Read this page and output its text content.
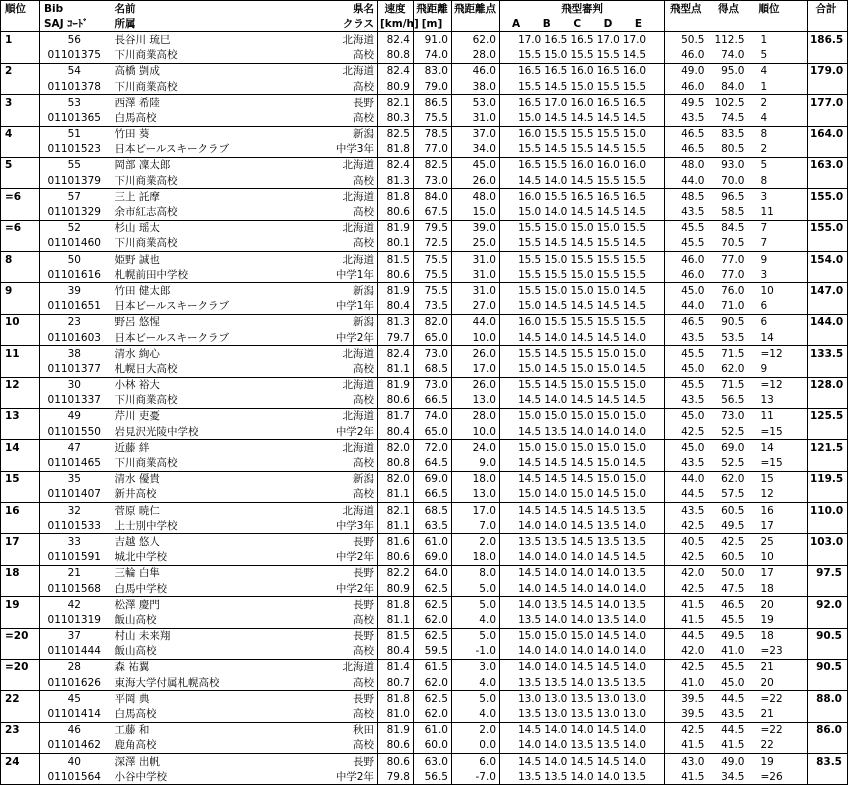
順位	Bib	名前	県名	速度	飛距離	飛距離点	飛型審判	飛型点	得点	順位	合計
	SAJ ｺｰﾄﾞ	所属	クラス	[km/h]	[m]		A B C D E				

1	56	長谷川 琉巳	北海道	82.4	91.0	62.0	17.0 16.5 16.5 17.0 17.0	50.5	112.5	1	186.5
	01101375	下川商業高校	高校	80.8	74.0	28.0	15.5 15.0 15.5 15.5 14.5	46.0	74.0	5	
2	54	高橋 剴成	北海道	82.4	83.0	46.0	16.5 16.5 16.0 16.5 16.0	49.0	95.0	4	179.0
	01101378	下川商業高校	高校	80.9	79.0	38.0	15.5 14.5 15.0 15.5 15.5	46.0	84.0	1	
3	53	西澤 希陸	長野	82.1	86.5	53.0	16.5 17.0 16.0 16.5 16.5	49.5	102.5	2	177.0
	01101365	白馬高校	高校	80.3	75.5	31.0	15.0 14.5 14.5 14.5 14.5	43.5	74.5	4	
4	51	竹田 葵	新潟	82.5	78.5	37.0	16.0 15.5 15.5 15.5 15.0	46.5	83.5	8	164.0
	01101523	日本ビールスキークラブ	中学3年	81.8	77.0	34.0	15.5 14.5 15.5 14.5 15.5	46.5	80.5	2	
5	55	岡部 凜太郎	北海道	82.4	82.5	45.0	16.5 15.5 16.0 16.0 16.0	48.0	93.0	5	163.0
	01101379	下川商業高校	高校	81.3	73.0	26.0	14.5 14.0 14.5 15.5 15.5	44.0	70.0	8	
=6	57	三上 託摩	北海道	81.8	84.0	48.0	16.0 15.5 16.5 16.5 16.5	48.5	96.5	3	155.0
	01101329	余市紅志高校	高校	80.6	67.5	15.0	15.0 14.0 14.5 14.5 14.5	43.5	58.5	11	
=6	52	杉山 瑶太	北海道	81.9	79.5	39.0	15.5 15.0 15.0 15.0 15.5	45.5	84.5	7	155.0
	01101460	下川商業高校	高校	80.1	72.5	25.0	15.5 14.5 14.5 15.5 14.5	45.5	70.5	7	
8	50	姫野 誠也	北海道	81.5	75.5	31.0	15.5 15.0 15.5 15.5 15.5	46.0	77.0	9	154.0
	01101616	札幌前田中学校	中学1年	80.6	75.5	31.0	15.5 15.5 15.0 15.5 15.5	46.0	77.0	3	
9	39	竹田 健太郎	新潟	81.9	75.5	31.0	15.5 15.0 15.0 15.0 14.5	45.0	76.0	10	147.0
	01101651	日本ビールスキークラブ	中学1年	80.4	73.5	27.0	15.0 14.5 14.5 14.5 14.5	44.0	71.0	6	
10	23	野呂 悠惺	新潟	81.3	82.0	44.0	16.0 15.5 15.5 15.5 15.5	46.5	90.5	6	144.0
	01101603	日本ビールスキークラブ	中学2年	79.7	65.0	10.0	14.5 14.0 14.5 14.5 14.0	43.5	53.5	14	
11	38	清水 絢心	北海道	82.4	73.0	26.0	15.5 14.5 15.5 15.0 15.0	45.5	71.5	=12	133.5
	01101377	札幌日大高校	高校	81.1	68.5	17.0	15.0 14.5 15.0 15.0 14.5	45.0	62.0	9	
12	30	小林 裕大	北海道	81.9	73.0	26.0	15.5 14.5 15.0 15.5 15.0	45.5	71.5	=12	128.0
	01101337	下川商業高校	高校	80.6	66.5	13.0	14.5 14.0 14.5 14.5 14.5	43.5	56.5	13	
13	49	芹川 吏憂	北海道	81.7	74.0	28.0	15.0 15.0 15.0 15.0 15.0	45.0	73.0	11	125.5
	01101550	岩見沢光陵中学校	中学2年	80.4	65.0	10.0	14.5 13.5 14.0 14.0 14.0	42.5	52.5	=15	
14	47	近藤 絆	北海道	82.0	72.0	24.0	15.0 15.0 15.0 15.0 15.0	45.0	69.0	14	121.5
	01101465	下川商業高校	高校	80.8	64.5	9.0	14.5 14.5 14.5 15.0 14.5	43.5	52.5	=15	
15	35	清水 優貴	新潟	82.0	69.0	18.0	14.5 14.5 14.5 15.0 15.0	44.0	62.0	15	119.5
	01101407	新井高校	高校	81.1	66.5	13.0	15.0 14.0 15.0 14.5 15.0	44.5	57.5	12	
16	32	菅原 暁仁	北海道	82.1	68.5	17.0	14.5 14.5 14.5 14.5 13.5	43.5	60.5	16	110.0
	01101533	上士別中学校	中学3年	81.1	63.5	7.0	14.0 14.0 14.5 13.5 14.0	42.5	49.5	17	
17	33	吉越 悠人	長野	81.6	61.0	2.0	13.5 13.5 14.5 13.5 13.5	40.5	42.5	25	103.0
	01101591	城北中学校	中学2年	80.6	69.0	18.0	14.0 14.0 14.0 14.5 14.5	42.5	60.5	10	
18	21	三輪 白隼	長野	82.2	64.0	8.0	14.5 14.0 14.0 14.0 13.5	42.0	50.0	17	97.5
	01101568	白馬中学校	中学2年	80.9	62.5	5.0	14.0 14.5 14.0 14.0 14.0	42.5	47.5	18	
19	42	松澤 慶門	長野	81.8	62.5	5.0	14.0 13.5 14.5 14.0 13.5	41.5	46.5	20	92.0
	01101319	飯山高校	高校	81.1	62.0	4.0	13.5 14.0 14.0 13.5 14.0	41.5	45.5	19	
=20	37	村山 未来翔	長野	81.5	62.5	5.0	15.0 15.0 15.0 14.5 14.0	44.5	49.5	18	90.5
	01101444	飯山高校	高校	80.4	59.5	-1.0	14.0 14.0 14.0 14.0 14.0	42.0	41.0	=23	
=20	28	森 祐翼	北海道	81.4	61.5	3.0	14.0 14.0 14.5 14.5 14.0	42.5	45.5	21	90.5
	01101626	東海大学付属札幌高校	高校	80.7	62.0	4.0	13.5 13.5 14.0 13.5 13.5	41.0	45.0	20	
22	45	平岡 典	長野	81.8	62.5	5.0	13.0 13.0 13.5 13.0 13.0	39.5	44.5	=22	88.0
	01101414	白馬高校	高校	81.0	62.0	4.0	13.5 13.0 13.5 13.0 13.0	39.5	43.5	21	
23	46	工藤 和	秋田	81.9	61.0	2.0	14.5 14.0 14.0 14.5 14.0	42.5	44.5	=22	86.0
	01101462	鹿角高校	高校	80.6	60.0	0.0	14.0 14.0 13.5 13.5 14.0	41.5	41.5	22	
24	40	深澤 出帆	長野	80.6	63.0	6.0	14.5 14.0 14.5 14.5 14.0	43.0	49.0	19	83.5
	01101564	小谷中学校	中学2年	79.8	56.5	-7.0	13.5 13.5 14.0 14.0 13.5	41.5	34.5	=26	
